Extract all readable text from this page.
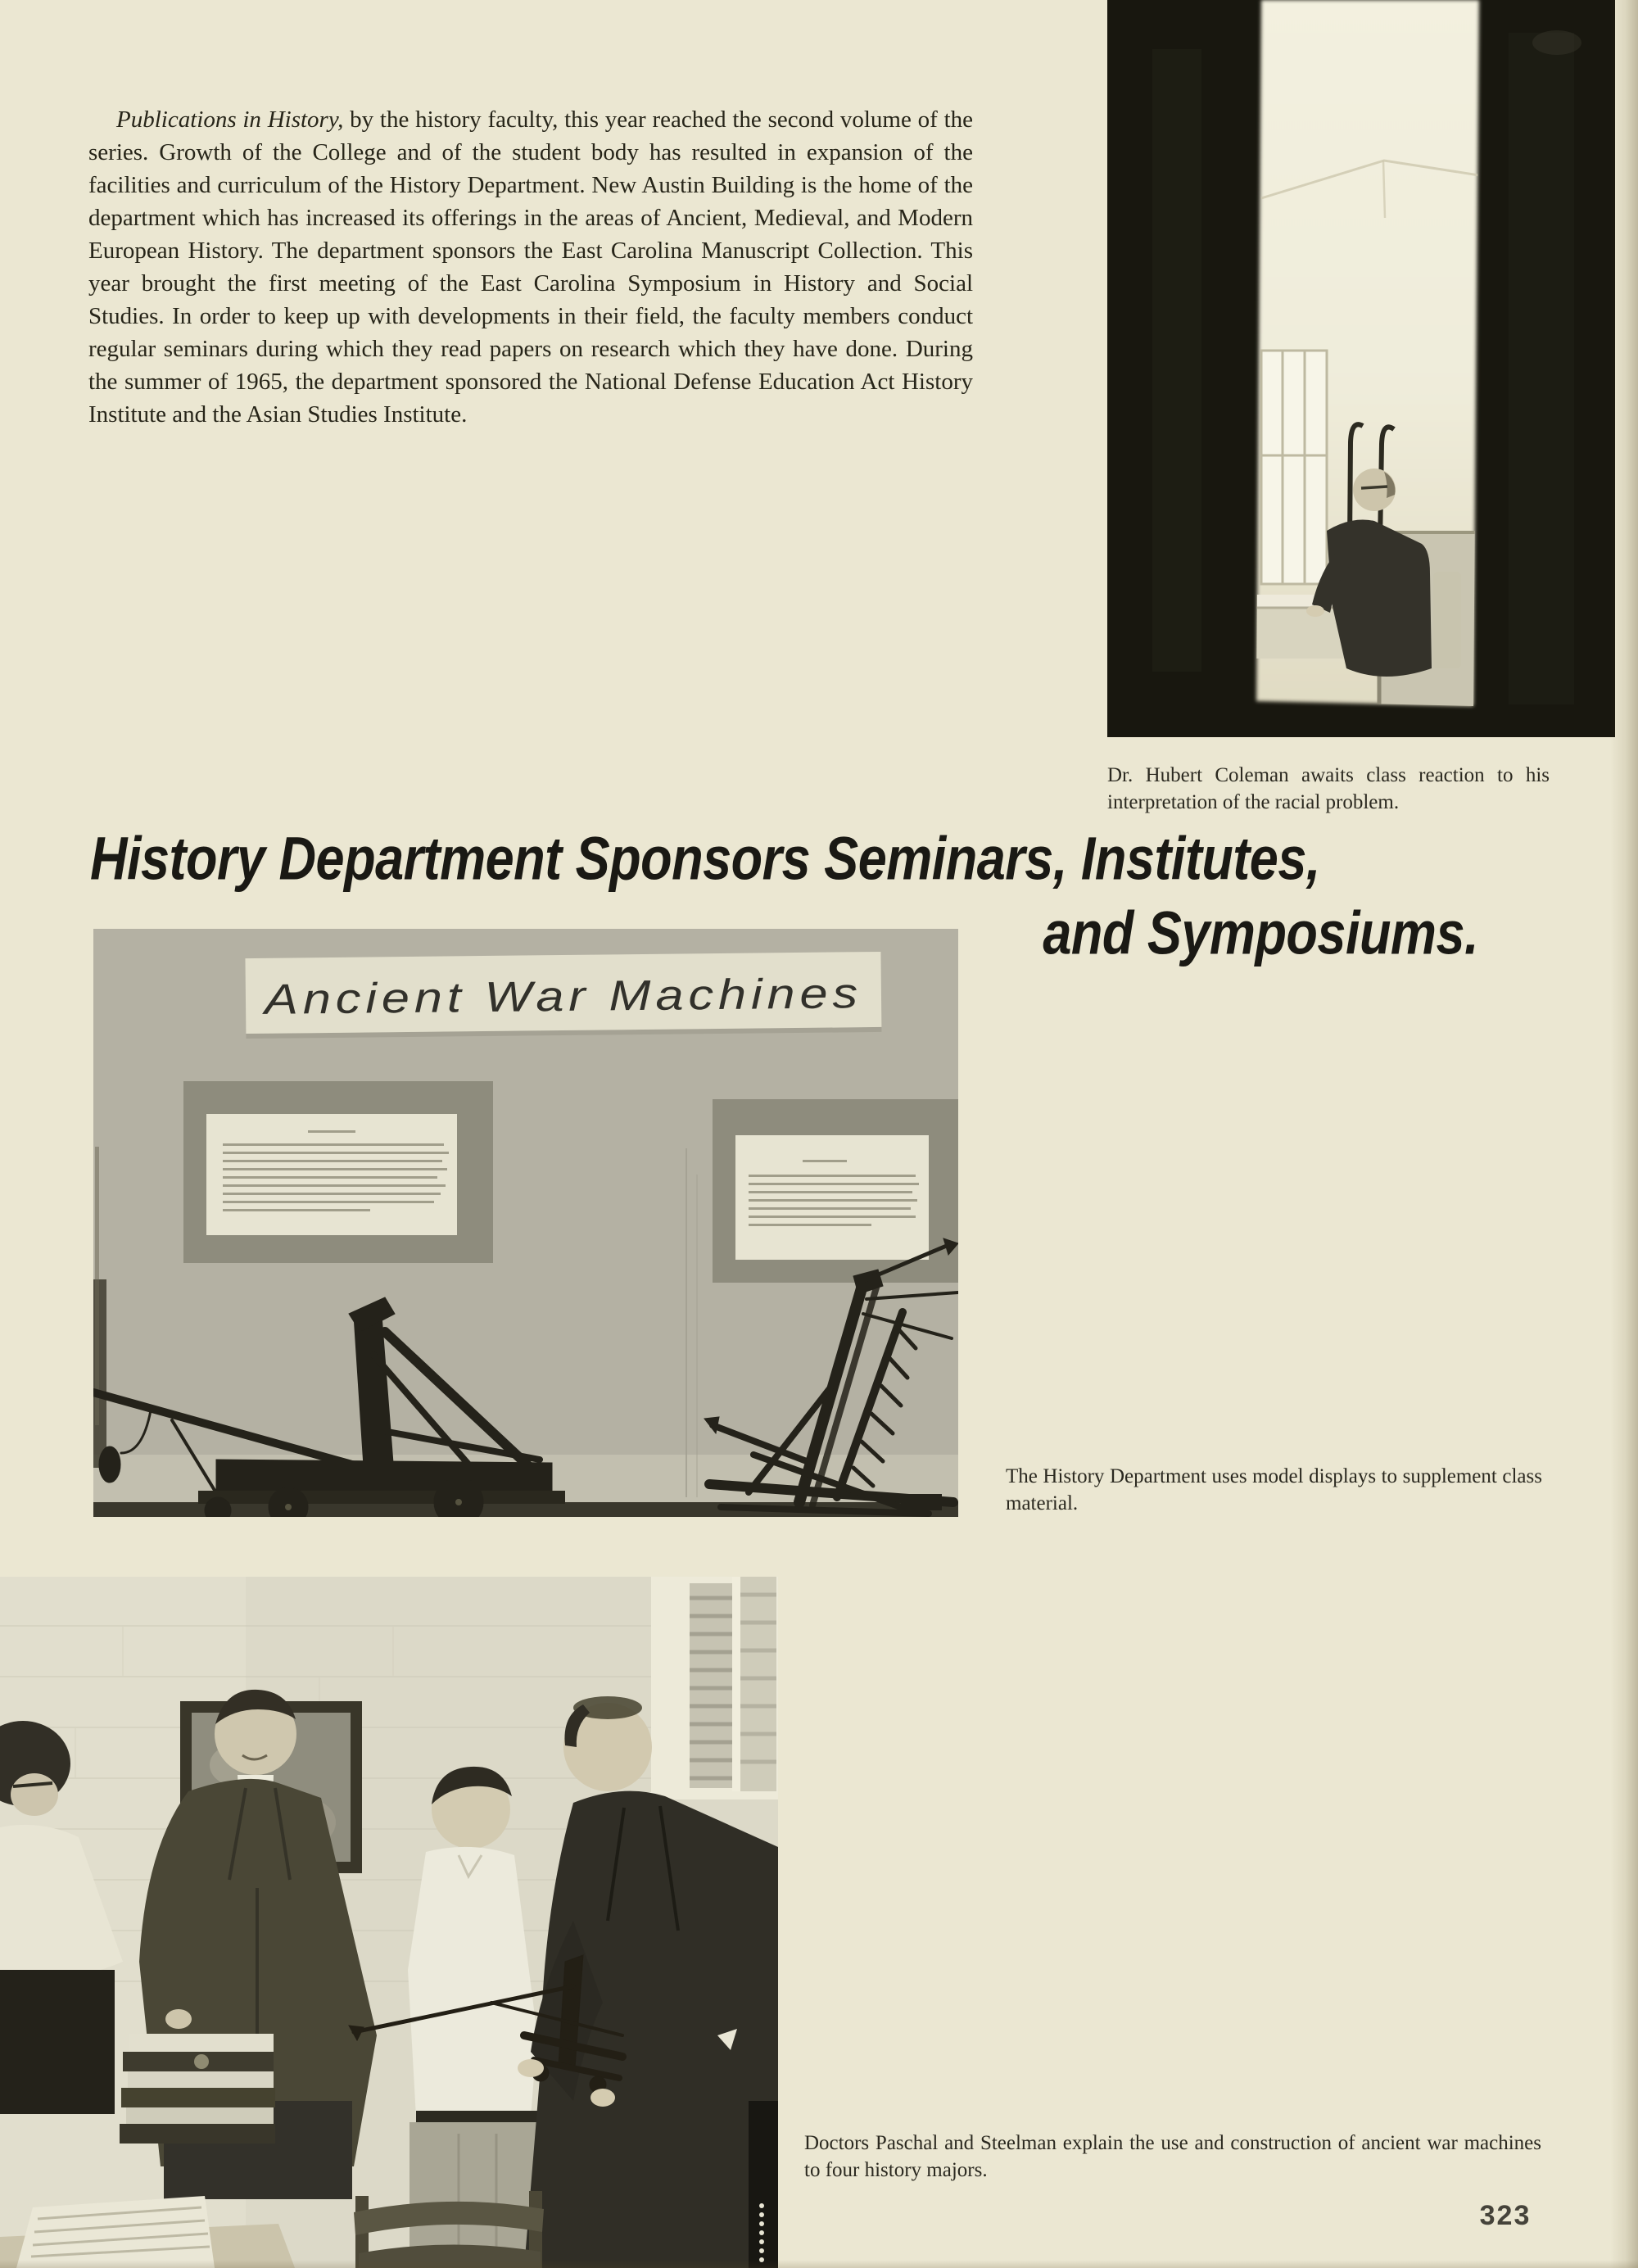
Publications in History, by the history faculty, this year reached the second volume of the series. Growth of the College and of the student body has resulted in expansion of the facilities and curriculum of the History Department. New Austin Building is the home of the department which has increased its offerings in the areas of Ancient, Medieval, and Modern European History. The department sponsors the East Carolina Manuscript Collection. This year brought the first meeting of the East Carolina Symposium in History and Social Studies. In order to keep up with developments in their field, the faculty members conduct regular seminars during which they read papers on research which they have done. During the summer of 1965, the department sponsored the National Defense Education Act History Institute and the Asian Studies Institute.

Dr. Hubert Coleman awaits class reaction to his interpretation of the racial problem.

History Department Sponsors Seminars, Institutes,
and Symposiums.
Ancient War Machines

The History Department uses model displays to supplement class material.

Doctors Paschal and Steelman explain the use and construction of ancient war machines to four history majors.

323
